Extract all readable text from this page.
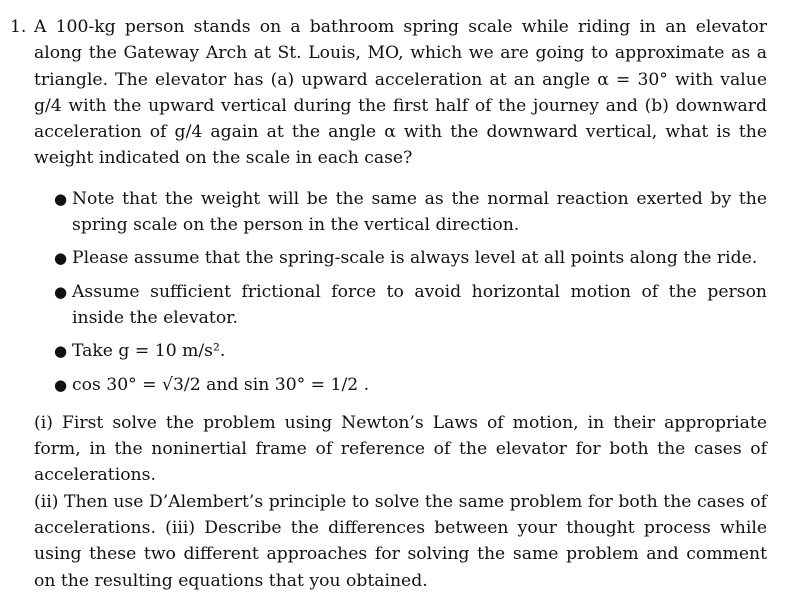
1. A 100-kg person stands on a bathroom spring scale while riding in an elevator along the Gateway Arch at St. Louis, MO, which we are going to approximate as a triangle. The elevator has (a) upward acceleration at an angle α = 30° with value g/4 with the upward vertical during the first half of the journey and (b) downward acceleration of g/4 again at the angle α with the downward vertical, what is the weight indicated on the scale in each case?

● Note that the weight will be the same as the normal reaction exerted by the spring scale on the person in the vertical direction.
● Please assume that the spring-scale is always level at all points along the ride.
● Assume sufficient frictional force to avoid horizontal motion of the person inside the elevator.
● Take g = 10 m/s².
● cos 30° = √3/2 and sin 30° = 1/2 .

(i) First solve the problem using Newton’s Laws of motion, in their appropriate form, in the noninertial frame of reference of the elevator for both the cases of accelerations.

(ii) Then use D’Alembert’s principle to solve the same problem for both the cases of accelerations. (iii) Describe the differences between your thought process while using these two different approaches for solving the same problem and comment on the resulting equations that you obtained.
